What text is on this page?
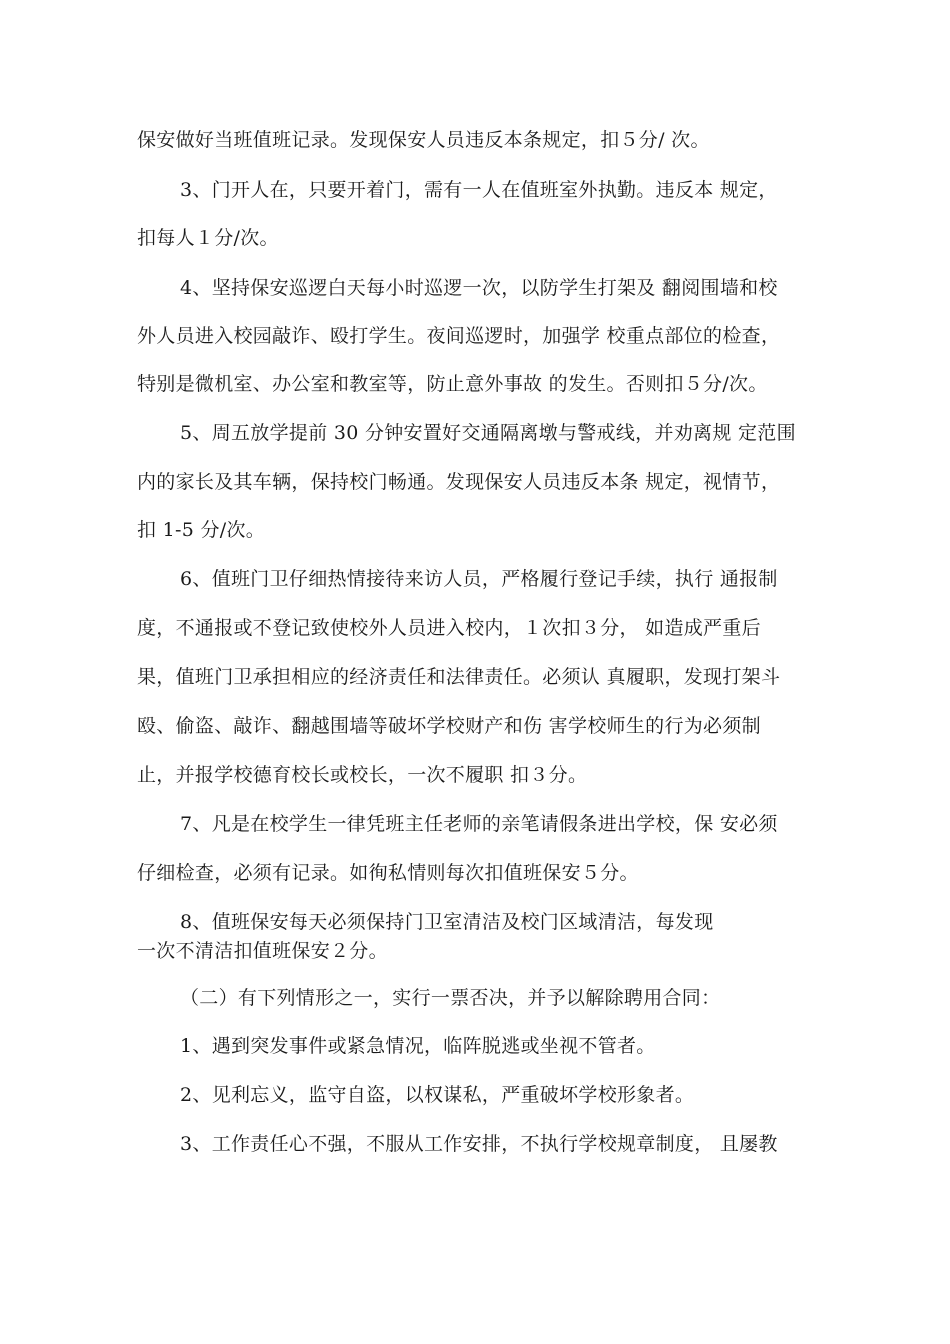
保安做好当班值班记录。发现保安人员违反本条规定，扣５分/ 次。
3、门开人在，只要开着门，需有一人在值班室外执勤。违反本 规定，
扣每人１分/次。
4、坚持保安巡逻白天每小时巡逻一次，以防学生打架及 翻阅围墙和校
外人员进入校园敲诈、殴打学生。夜间巡逻时，加强学 校重点部位的检查，
特别是微机室、办公室和教室等，防止意外事故 的发生。否则扣５分/次。
5、周五放学提前 30 分钟安置好交通隔离墩与警戒线，并劝离规 定范围
内的家长及其车辆，保持校门畅通。发现保安人员违反本条 规定，视情节，
扣 1-5 分/次。
6、值班门卫仔细热情接待来访人员，严格履行登记手续，执行 通报制
度，不通报或不登记致使校外人员进入校内，１次扣３分， 如造成严重后
果，值班门卫承担相应的经济责任和法律责任。必须认 真履职，发现打架斗
殴、偷盗、敲诈、翻越围墙等破坏学校财产和伤 害学校师生的行为必须制
止，并报学校德育校长或校长，一次不履职 扣３分。
7、凡是在校学生一律凭班主任老师的亲笔请假条进出学校，保 安必须
仔细检查，必须有记录。如徇私情则每次扣值班保安５分。
8、值班保安每天必须保持门卫室清洁及校门区域清洁，每发现
一次不清洁扣值班保安２分。
（二）有下列情形之一，实行一票否决，并予以解除聘用合同：
1、遇到突发事件或紧急情况，临阵脱逃或坐视不管者。
2、见利忘义，监守自盗，以权谋私，严重破坏学校形象者。
3、工作责任心不强，不服从工作安排，不执行学校规章制度， 且屡教
